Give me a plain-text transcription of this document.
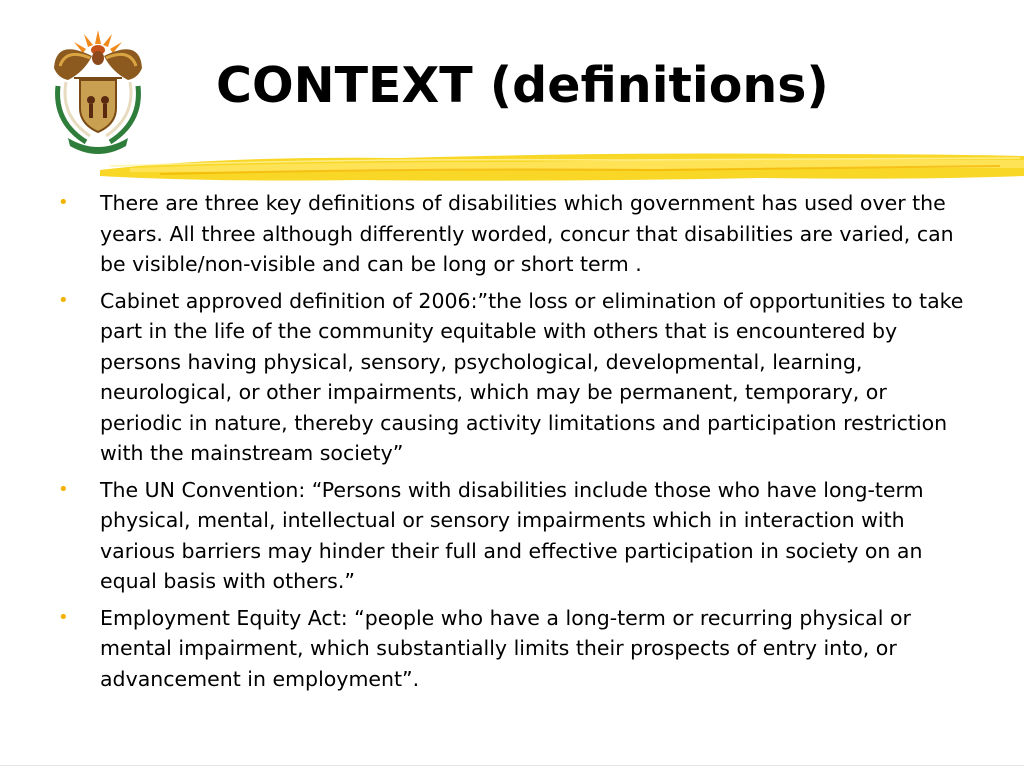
CONTEXT (definitions)
• There are three key definitions of disabilities which government has used over the years. All three although differently worded, concur that disabilities are varied, can be visible/non-visible and can be long or short term .
• Cabinet approved definition of 2006:”the loss or elimination of opportunities to take part in the life of the community equitable with others that is encountered by persons having physical, sensory, psychological, developmental, learning, neurological, or other impairments, which may be permanent, temporary, or periodic in nature, thereby causing activity limitations and participation restriction with the mainstream society”
• The UN Convention: “Persons with disabilities include those who have long-term physical, mental, intellectual or sensory impairments which in interaction with various barriers may hinder their full and effective participation in society on an equal basis with others.”
• Employment Equity Act: “people who have a long-term or recurring physical or mental impairment, which substantially limits their prospects of entry into, or advancement in employment”.
